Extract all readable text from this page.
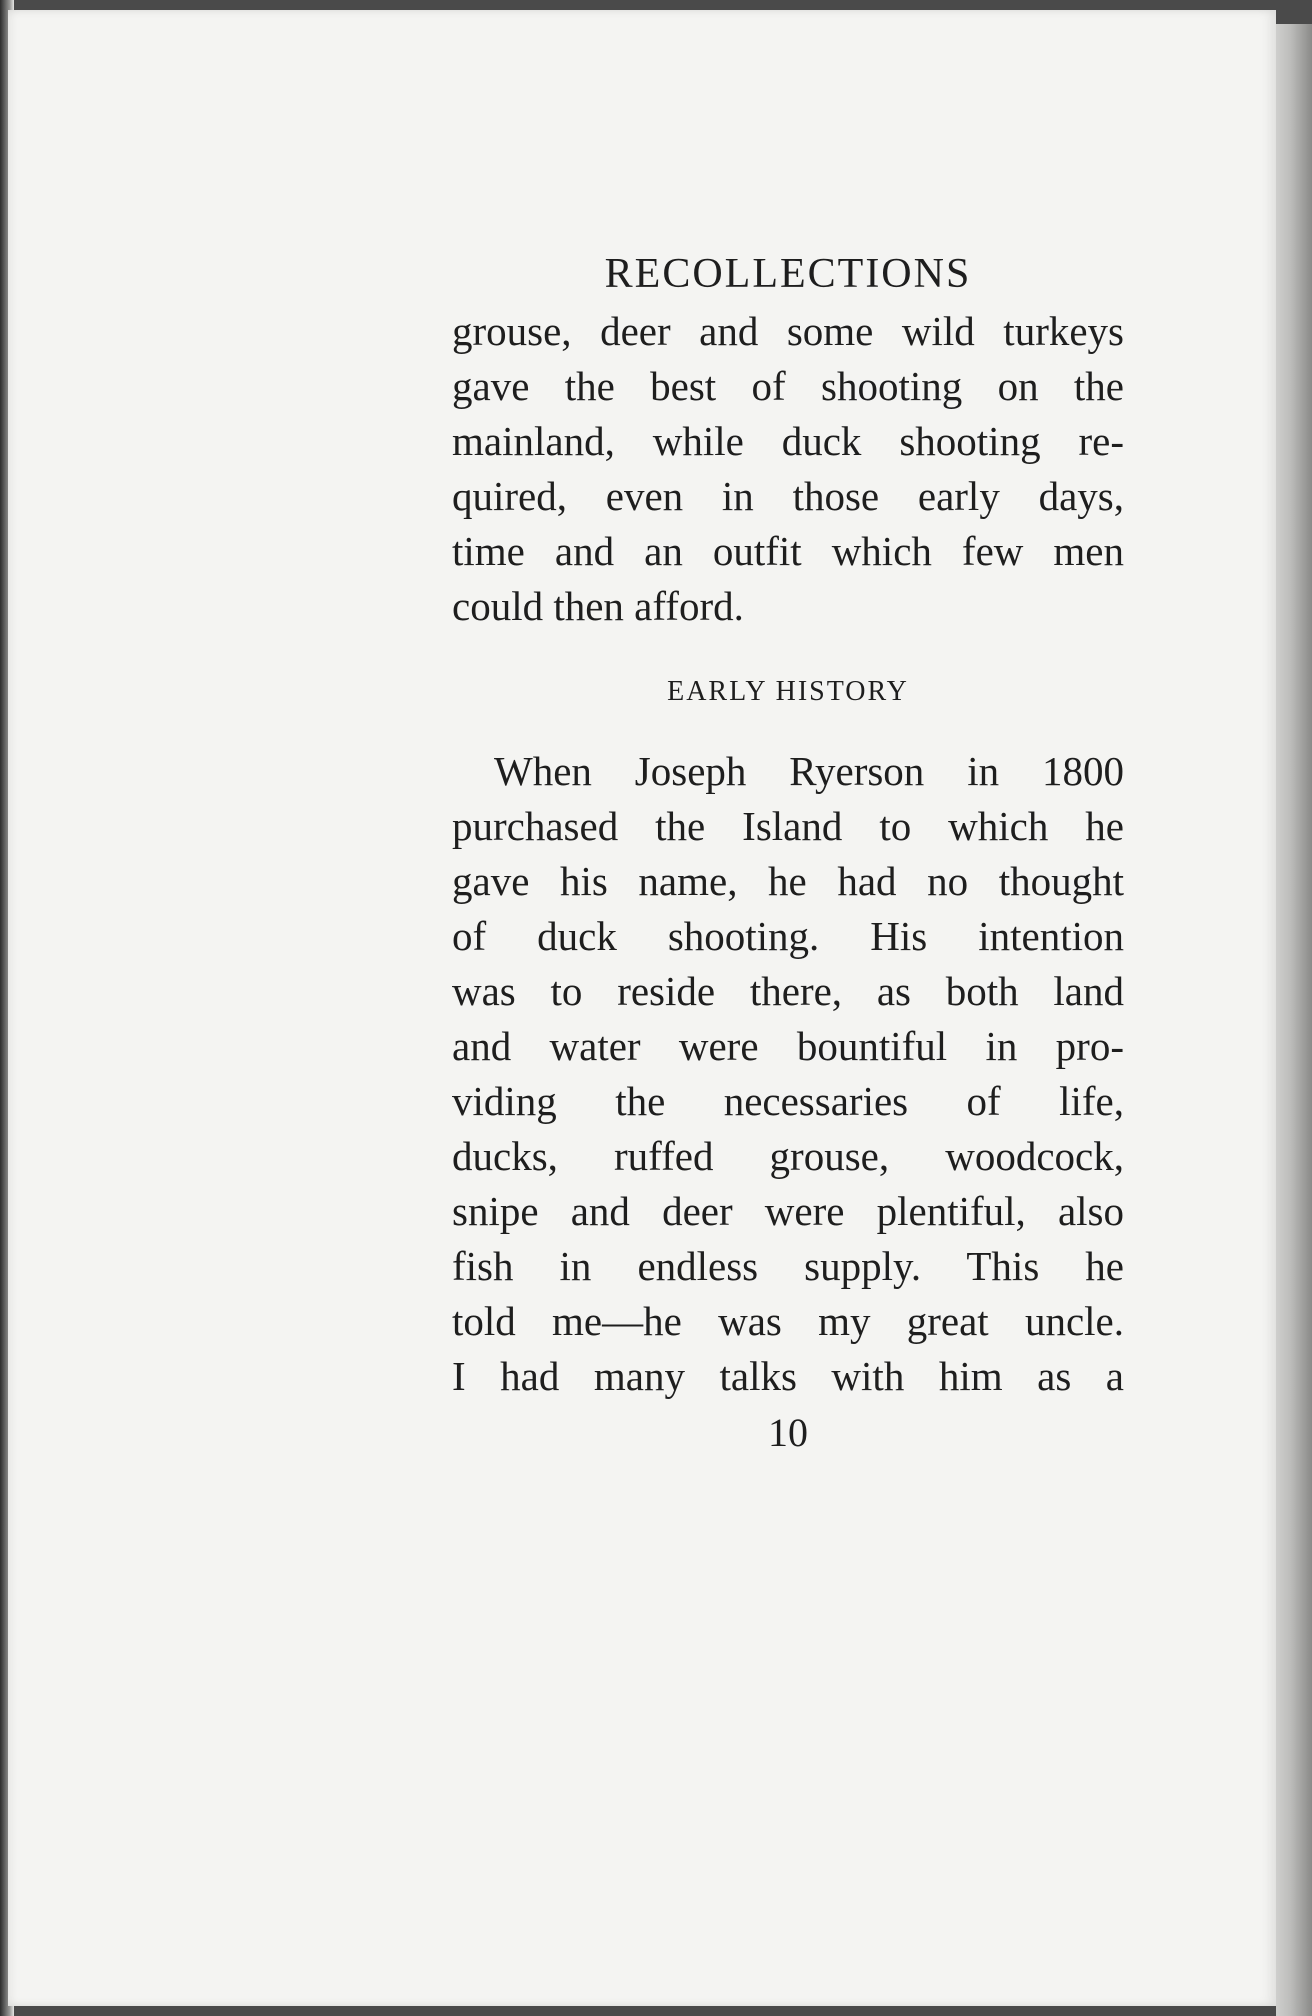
RECOLLECTIONS
grouse, deer and some wild turkeys
gave the best of shooting on the
mainland, while duck shooting re-
quired, even in those early days,
time and an outfit which few men
could then afford.
EARLY HISTORY
When Joseph Ryerson in 1800
purchased the Island to which he
gave his name, he had no thought
of duck shooting. His intention
was to reside there, as both land
and water were bountiful in pro-
viding the necessaries of life,
ducks, ruffed grouse, woodcock,
snipe and deer were plentiful, also
fish in endless supply. This he
told me—he was my great uncle.
I had many talks with him as a
10
